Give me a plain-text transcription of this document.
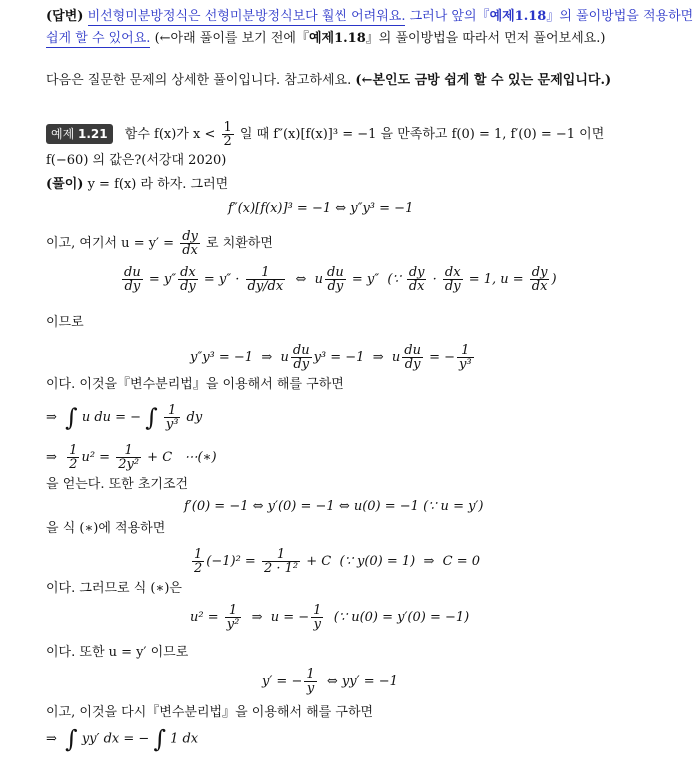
(답변) 비선형미분방정식은 선형미분방정식보다 훨씬 어려워요. 그러나 앞의『예제1.18』의 풀이방법을 적용하면
쉽게 할 수 있어요. (←아래 풀이를 보기 전에『예제1.18』의 풀이방법을 따라서 먼저 풀어보세요.)
다음은 질문한 문제의 상세한 풀이입니다. 참고하세요. (←본인도 금방 쉽게 할 수 있는 문제입니다.)
예제 1.21 함수 f(x)가 $x < \frac{1}{2}$ 일 때 f″(x)[f(x)]³ = −1 을 만족하고 f(0) = 1, f′(0) = −1 이면
f(−60) 의 값은?(서강대 2020)
(풀이) y = f(x) 라 하자. 그러면
f″(x)[f(x)]³ = −1 ⇔ y″y³ = −1
이고, 여기서 $u = y' = \frac{dy}{dx}$ 로 치환하면
$\frac{du}{dy} = y'' \frac{dx}{dy} = y'' \cdot \frac{1}{dy/dx}$ ⇔  u $\frac{du}{dy} = y''$  (∵ $\frac{dy}{dx} \cdot \frac{dx}{dy} = 1$, $u = \frac{dy}{dx}$ )
이므로
y″y³ = −1  ⇒  u $\frac{du}{dy} y^3 = -1$  ⇒  u $\frac{du}{dy}$ = − $\frac{1}{\text{y³}}$
이다. 이것을『변수분리법』을 이용해서 해를 구하면
⇒  ∫ u du = − ∫ $\frac{1}{\text{y³}}$ dy
⇒ $\frac{1}{2} u^2 = \frac{1}{\text{2y²}} + C$   ⋯(∗)
을 얻는다. 또한 초기조건
f′(0) = −1 ⇔ y′(0) = −1 ⇔ u(0) = −1 (∵ u = y′)
을 식 (∗)에 적용하면
$\frac{1}{2} (-1)^2 = \frac{1}{\text{2 · 1²}} + C$  (∵ y(0) = 1)  ⇒  C = 0
이다. 그러므로 식 (∗)은
$u^2 = \frac{1}{\text{y²}}$ ⇒  u = − $\frac{1}{y}$ (∵ u(0) = y′(0) = −1)
이다. 또한 u = y′ 이므로
y′ = − $\frac{1}{y}$ ⇔ yy′ = −1
이고, 이것을 다시『변수분리법』을 이용해서 해를 구하면
⇒  ∫ yy′ dx = − ∫ 1 dx
